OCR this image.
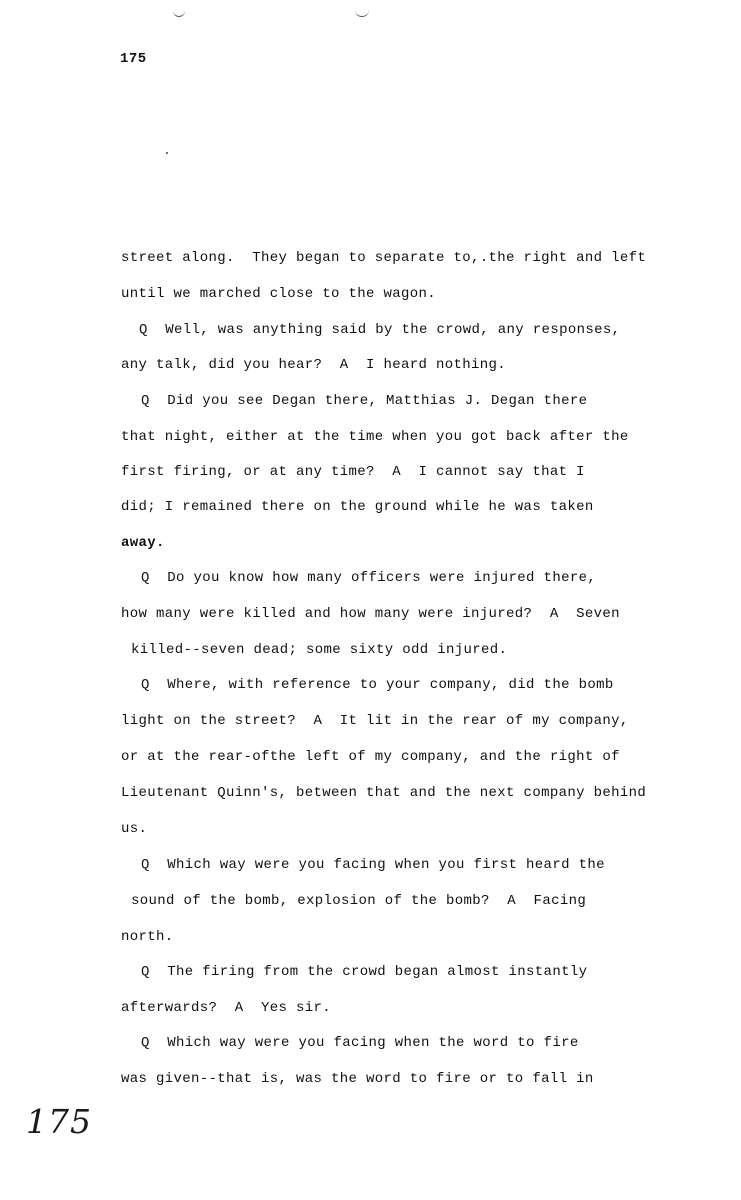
175
street along.  They began to separate to,.the right and left
until we marched close to the wagon.
Q  Well, was anything said by the crowd, any responses,
any talk, did you hear?  A  I heard nothing.
Q  Did you see Degan there, Matthias J. Degan there
that night, either at the time when you got back after the
first firing, or at any time?  A  I cannot say that I
did; I remained there on the ground while he was taken
away.
Q  Do you know how many officers were injured there,
how many were killed and how many were injured?  A  Seven
killed--seven dead; some sixty odd injured.
Q  Where, with reference to your company, did the bomb
light on the street?  A  It lit in the rear of my company,
or at the rear-ofthe left of my company, and the right of
Lieutenant Quinn's, between that and the next company behind
us.
Q  Which way were you facing when you first heard the
sound of the bomb, explosion of the bomb?  A  Facing
north.
Q  The firing from the crowd began almost instantly
afterwards?  A  Yes sir.
Q  Which way were you facing when the word to fire
was given--that is, was the word to fire or to fall in
175
